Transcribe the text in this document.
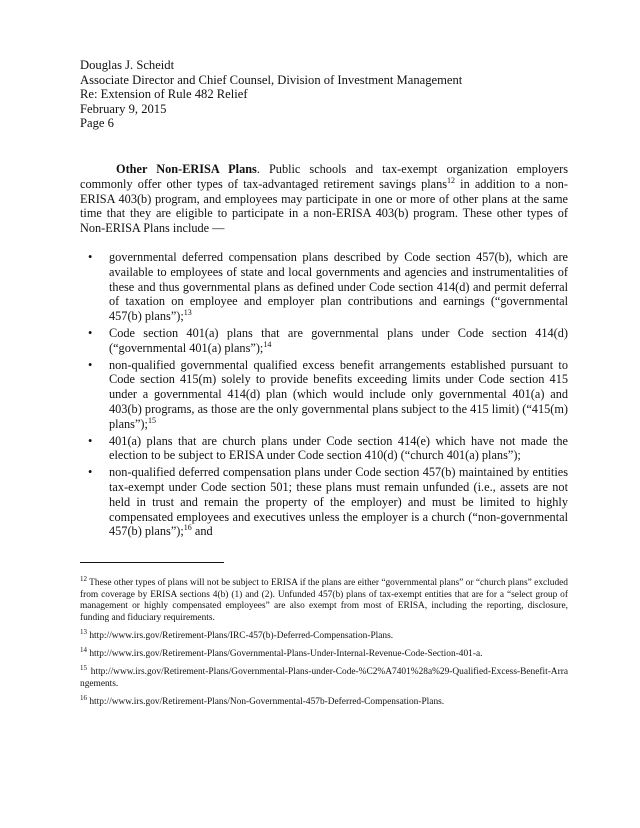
Douglas J. Scheidt
Associate Director and Chief Counsel, Division of Investment Management
Re: Extension of Rule 482 Relief
February 9, 2015
Page 6
Other Non-ERISA Plans. Public schools and tax-exempt organization employers commonly offer other types of tax-advantaged retirement savings plans$^{12}$ in addition to a non-ERISA 403(b) program, and employees may participate in one or more of other plans at the same time that they are eligible to participate in a non-ERISA 403(b) program. These other types of Non-ERISA Plans include —
•
governmental deferred compensation plans described by Code section 457(b), which are available to employees of state and local governments and agencies and instrumentalities of these and thus governmental plans as defined under Code section 414(d) and permit deferral of taxation on employee and employer plan contributions and earnings (“governmental 457(b) plans”);$^{13}$
•
Code section 401(a) plans that are governmental plans under Code section 414(d) (“governmental 401(a) plans”);$^{14}$
•
non-qualified governmental qualified excess benefit arrangements established pursuant to Code section 415(m) solely to provide benefits exceeding limits under Code section 415 under a governmental 414(d) plan (which would include only governmental 401(a) and 403(b) programs, as those are the only governmental plans subject to the 415 limit) (“415(m) plans”);$^{15}$
•
401(a) plans that are church plans under Code section 414(e) which have not made the election to be subject to ERISA under Code section 410(d) (“church 401(a) plans”);
•
non-qualified deferred compensation plans under Code section 457(b) maintained by entities tax-exempt under Code section 501; these plans must remain unfunded (i.e., assets are not held in trust and remain the property of the employer) and must be limited to highly compensated employees and executives unless the employer is a church (“non-governmental 457(b) plans”);$^{16}$ and

$^{12}$ These other types of plans will not be subject to ERISA if the plans are either “governmental plans” or “church plans” excluded from coverage by ERISA sections 4(b) (1) and (2). Unfunded 457(b) plans of tax-exempt entities that are for a “select group of management or highly compensated employees” are also exempt from most of ERISA, including the reporting, disclosure, funding and fiduciary requirements.

$^{13}$ http://www.irs.gov/Retirement-Plans/IRC-457(b)-Deferred-Compensation-Plans.

$^{14}$ http://www.irs.gov/Retirement-Plans/Governmental-Plans-Under-Internal-Revenue-Code-Section-401-a.

$^{15}$ http://www.irs.gov/Retirement-Plans/Governmental-Plans-under-Code-%C2%A7401%28a%29-Qualified-Excess-Benefit-Arrangements.

$^{16}$ http://www.irs.gov/Retirement-Plans/Non-Governmental-457b-Deferred-Compensation-Plans.
